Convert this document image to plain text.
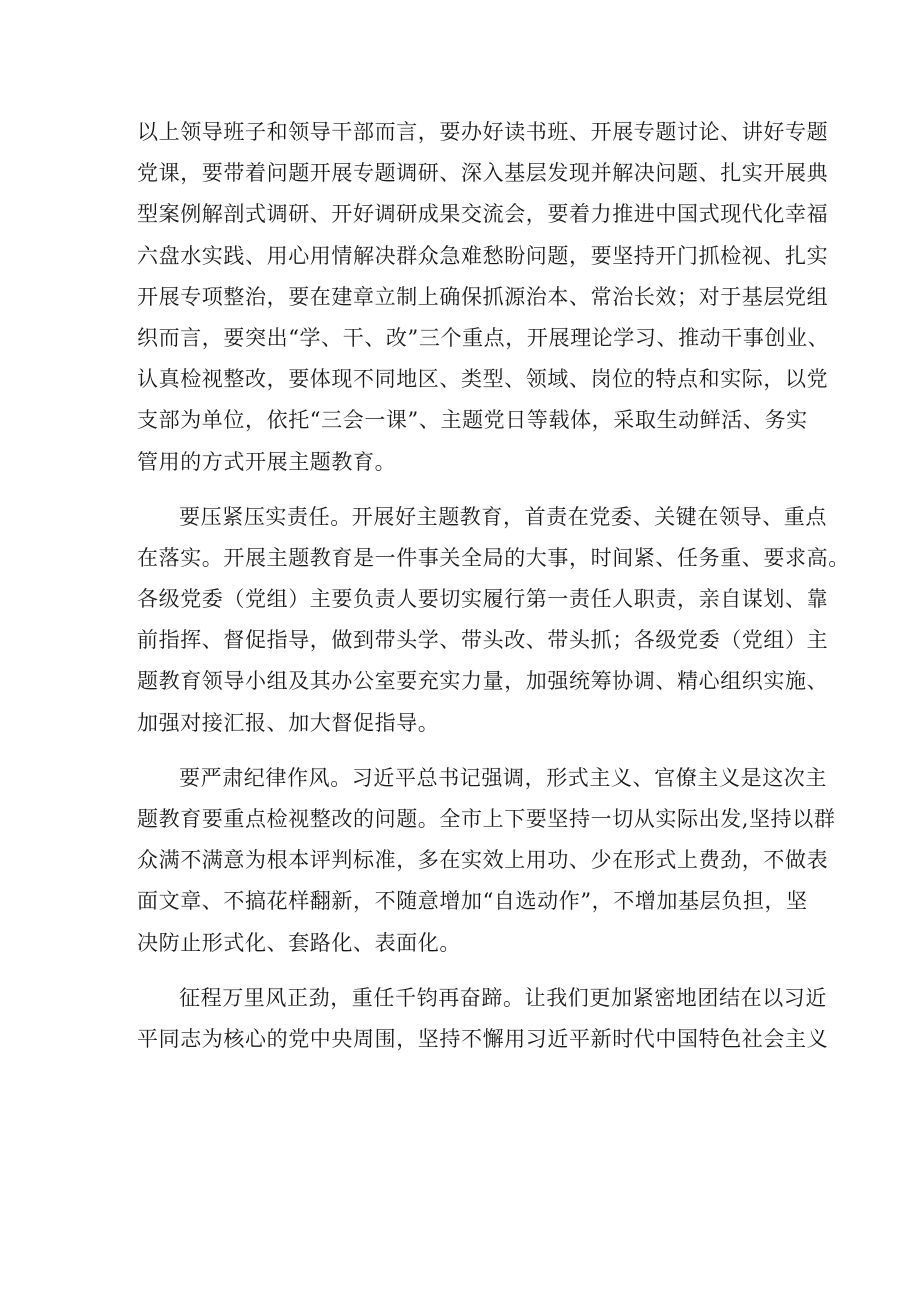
以上领导班子和领导干部而言，要办好读书班、开展专题讨论、讲好专题
党课，要带着问题开展专题调研、深入基层发现并解决问题、扎实开展典
型案例解剖式调研、开好调研成果交流会，要着力推进中国式现代化幸福
六盘水实践、用心用情解决群众急难愁盼问题，要坚持开门抓检视、扎实
开展专项整治，要在建章立制上确保抓源治本、常治长效；对于基层党组
织而言，要突出“学、干、改”三个重点，开展理论学习、推动干事创业、
认真检视整改，要体现不同地区、类型、领域、岗位的特点和实际，以党
支部为单位，依托“三会一课”、主题党日等载体，采取生动鲜活、务实
管用的方式开展主题教育。
要压紧压实责任。开展好主题教育，首责在党委、关键在领导、重点
在落实。开展主题教育是一件事关全局的大事，时间紧、任务重、要求高。
各级党委（党组）主要负责人要切实履行第一责任人职责，亲自谋划、靠
前指挥、督促指导，做到带头学、带头改、带头抓；各级党委（党组）主
题教育领导小组及其办公室要充实力量，加强统筹协调、精心组织实施、
加强对接汇报、加大督促指导。
要严肃纪律作风。习近平总书记强调，形式主义、官僚主义是这次主
题教育要重点检视整改的问题。全市上下要坚持一切从实际出发,坚持以群
众满不满意为根本评判标准，多在实效上用功、少在形式上费劲，不做表
面文章、不搞花样翻新，不随意增加“自选动作”，不增加基层负担，坚
决防止形式化、套路化、表面化。
征程万里风正劲，重任千钧再奋蹄。让我们更加紧密地团结在以习近
平同志为核心的党中央周围，坚持不懈用习近平新时代中国特色社会主义
